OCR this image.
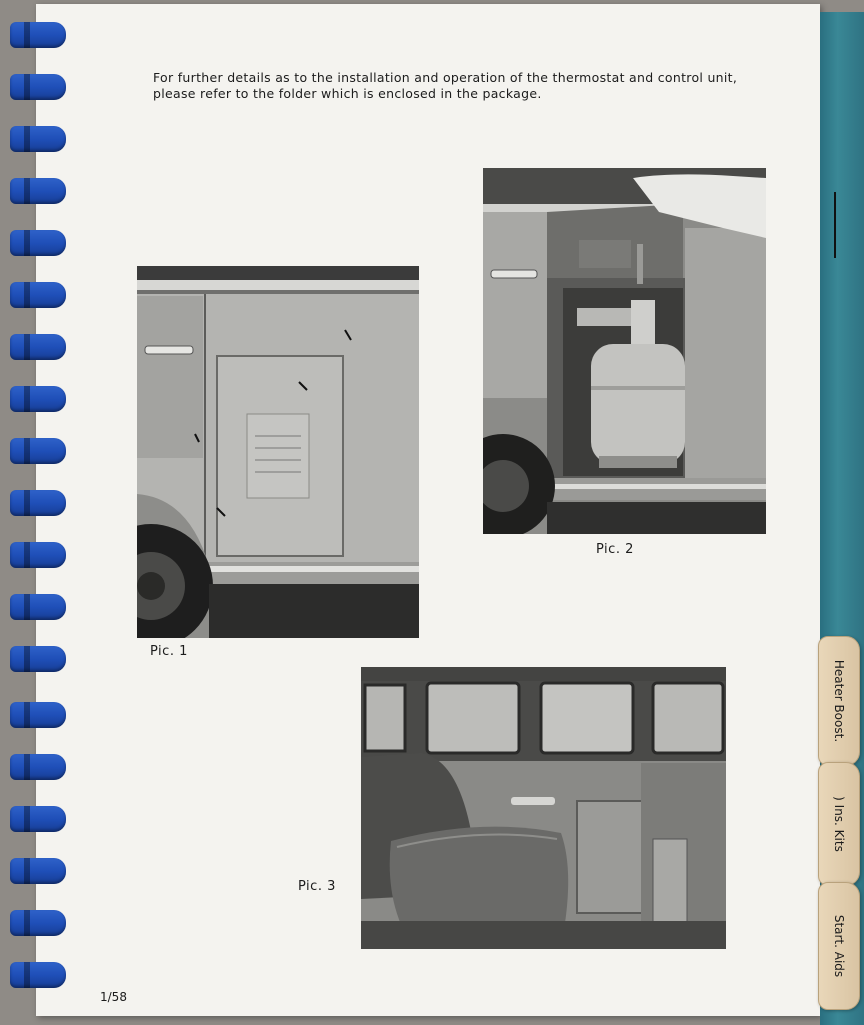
Heater Boost.
) Ins. Kits
Start. Aids
For further details as to the installation and operation of the thermostat and control unit, please refer to the folder which is enclosed in the package.
Pic. 1
Pic. 2
Pic. 3
1/58
